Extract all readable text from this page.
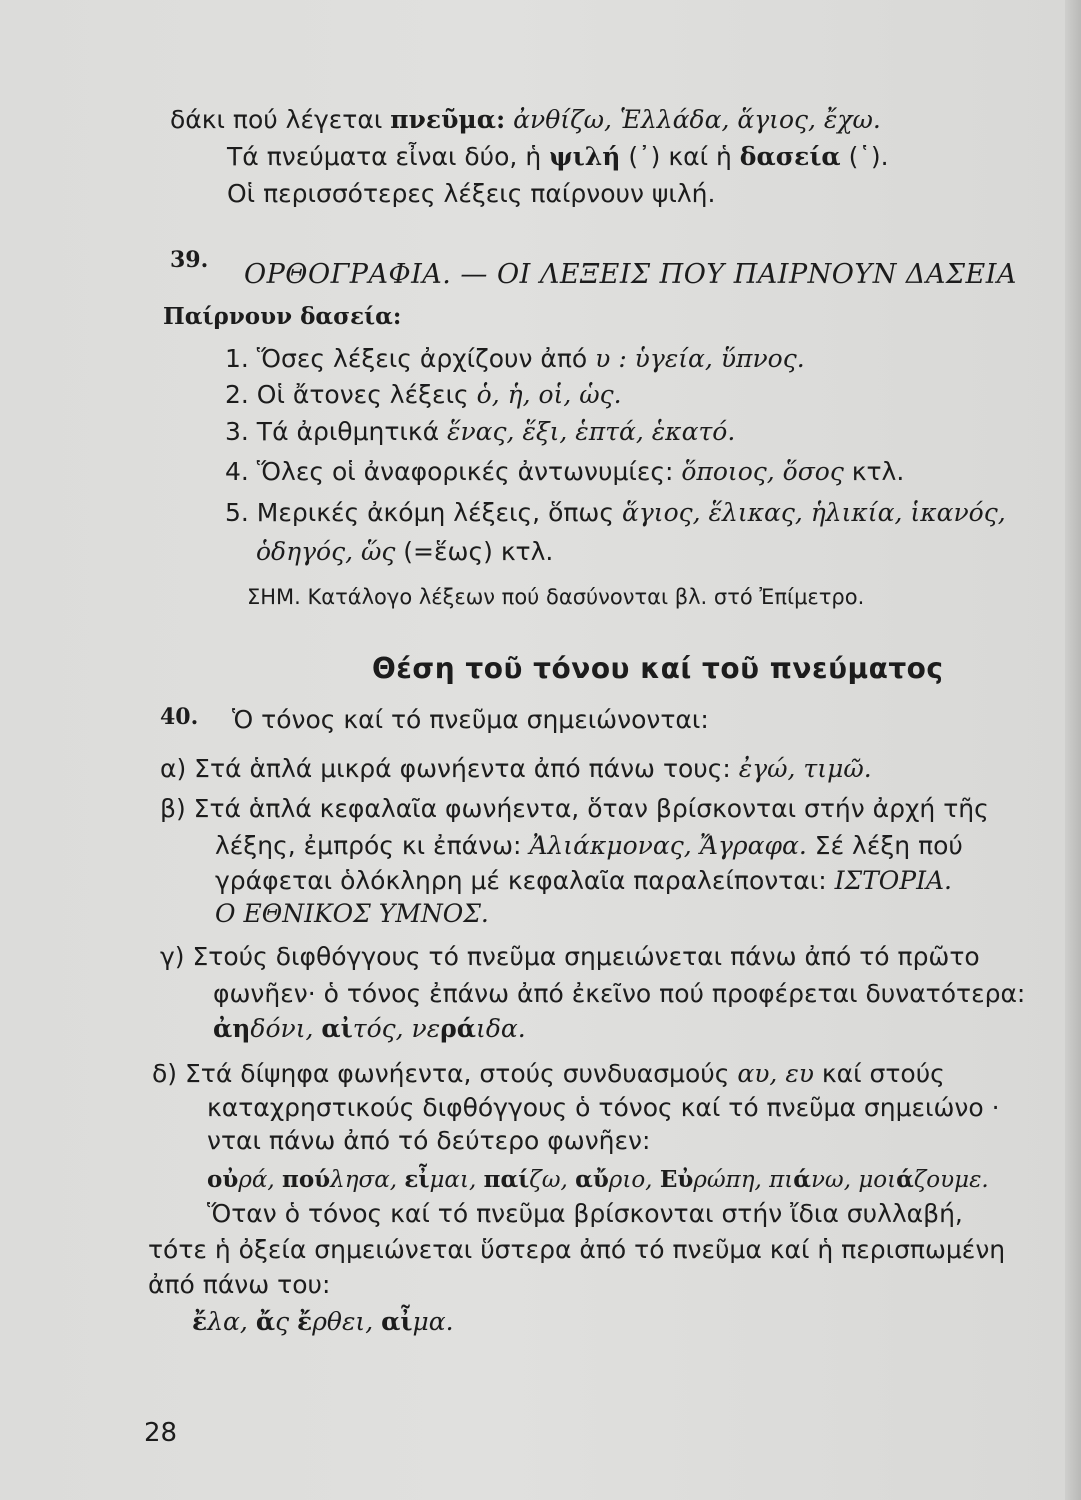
δάκι πού λέγεται πνεῦμα: ἀνθίζω, Ἑλλάδα, ἅγιος, ἔχω.
Τά πνεύματα εἶναι δύο, ἡ ψιλή (᾿) καί ἡ δασεία (῾).
Οἱ περισσότερες λέξεις παίρνουν ψιλή.
39. ΟΡΘΟΓΡΑΦΙΑ. — ΟΙ ΛΕΞΕΙΣ ΠΟΥ ΠΑΙΡΝΟΥΝ ΔΑΣΕΙΑ
Παίρνουν δασεία:
1. Ὅσες λέξεις ἀρχίζουν ἀπό υ : ὑγεία, ὕπνος.
2. Οἱ ἄτονες λέξεις ὁ, ἡ, οἱ, ὡς.
3. Τά ἀριθμητικά ἕνας, ἕξι, ἑπτά, ἑκατό.
4. Ὅλες οἱ ἀναφορικές ἀντωνυμίες: ὅποιος, ὅσος κτλ.
5. Μερικές ἀκόμη λέξεις, ὅπως ἅγιος, ἕλικας, ἡλικία, ἱκανός,
ὁδηγός, ὥς (=ἕως) κτλ.
ΣΗΜ. Κατάλογο λέξεων πού δασύνονται βλ. στό Ἐπίμετρο.
Θέση τοῦ τόνου καί τοῦ πνεύματος
40. Ὁ τόνος καί τό πνεῦμα σημειώνονται:
α) Στά ἁπλά μικρά φωνήεντα ἀπό πάνω τους: ἐγώ, τιμῶ.
β) Στά ἁπλά κεφαλαῖα φωνήεντα, ὅταν βρίσκονται στήν ἀρχή τῆς
λέξης, ἐμπρός κι ἐπάνω: Ἀλιάκμονας, Ἄγραφα. Σέ λέξη πού
γράφεται ὁλόκληρη μέ κεφαλαῖα παραλείπονται: ΙΣΤΟΡΙΑ.
Ο ΕΘΝΙΚΟΣ ΥΜΝΟΣ.
γ) Στούς διφθόγγους τό πνεῦμα σημειώνεται πάνω ἀπό τό πρῶτο
φωνῆεν· ὁ τόνος ἐπάνω ἀπό ἐκεῖνο πού προφέρεται δυνατότερα:
ἀηδόνι, αἰτός, νεράιδα.
δ) Στά δίψηφα φωνήεντα, στούς συνδυασμούς αυ, ευ καί στούς
καταχρηστικούς διφθόγγους ὁ τόνος καί τό πνεῦμα σημειώνο ·
νται πάνω ἀπό τό δεύτερο φωνῆεν:
οὐρά, πούλησα, εἶμαι, παίζω, αὔριο, Εὐρώπη, πιάνω, μοιάζουμε.
Ὅταν ὁ τόνος καί τό πνεῦμα βρίσκονται στήν ἴδια συλλαβή,
τότε ἡ ὀξεία σημειώνεται ὕστερα ἀπό τό πνεῦμα καί ἡ περισπωμένη
ἀπό πάνω του:
ἔλα, ἄς ἔρθει, αἶμα.
28
